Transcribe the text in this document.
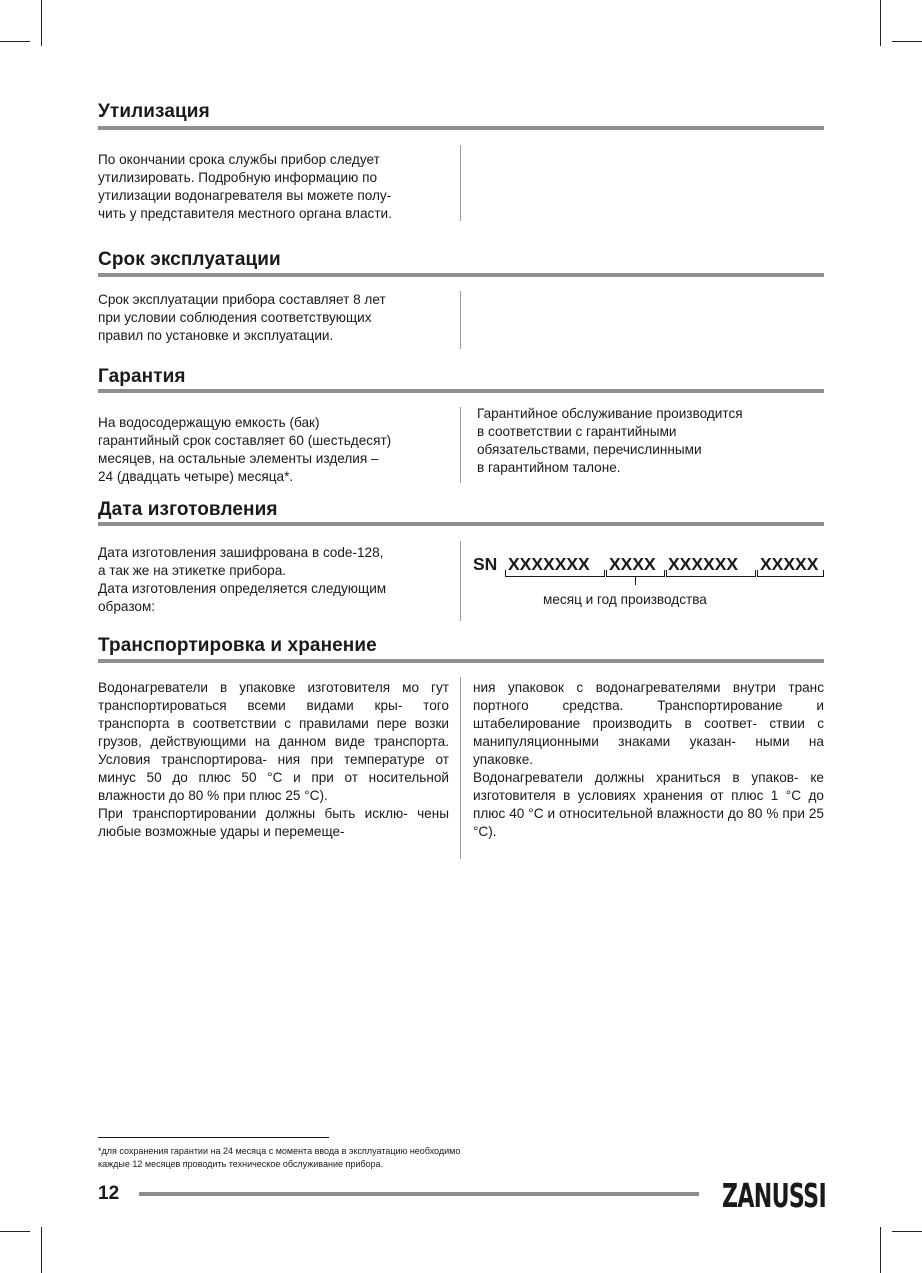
Утилизация
По окончании срока службы прибор следует
утилизировать. Подробную информацию по
утилизации водонагревателя вы можете полу-
чить у представителя местного органа власти.
Срок эксплуатации
Срок эксплуатации прибора составляет 8 лет
при условии соблюдения соответствующих
правил по установке и эксплуатации.
Гарантия
На водосодержащую емкость (бак)
гарантийный срок составляет 60 (шестьдесят)
месяцев, на остальные элементы изделия –
24 (двадцать четыре) месяца*.
Гарантийное обслуживание производится
в соответствии с гарантийными
обязательствами, перечислинными
в гарантийном талоне.
Дата изготовления
Дата изготовления зашифрована в code-128,
а так же на этикетке прибора.
Дата изготовления определяется следующим
образом:
SN XXXXXXX XXXX XXXXXX XXXXX
месяц и год производства
Транспортировка и хранение

Водонагреватели в упаковке изготовителя мо гут транспортироваться всеми видами кры- того транспорта в соответствии с правилами пере возки грузов, действующими на данном виде транспорта. Условия транспортирова- ния при температуре от минус 50 до плюс 50 °С и при от носительной влажности до 80 % при плюс 25 °С).

При транспортировании должны быть исклю- чены любые возможные удары и перемеще-

ния упаковок с водонагревателями внутри транс портного средства. Транспортирование и штабелирование производить в соответ- ствии с манипуляционными знаками указан- ными на упаковке.

Водонагреватели должны храниться в упаков- ке изготовителя в условиях хранения от плюс 1 °С до плюс 40 °С и относительной влажности до 80 % при 25 °С).

*для сохранения гарантии на 24 месяца с момента ввода в эксплуатацию необходимо
каждые 12 месяцев проводить техническое обслуживание прибора.
12	ZANUSSI
